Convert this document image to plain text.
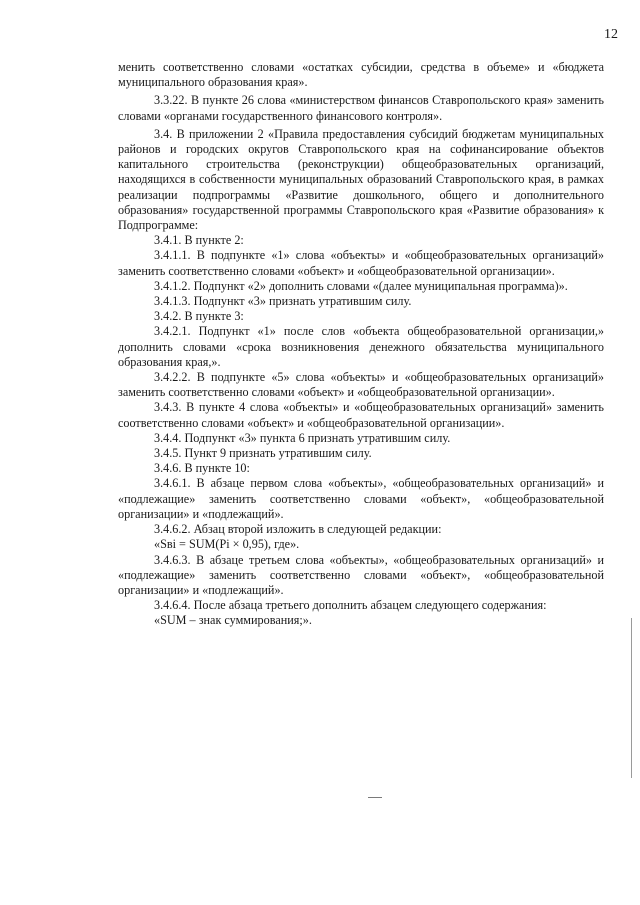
12

менить соответственно словами «остатках субсидии, средства в объеме» и «бюджета муниципального образования края».

3.3.22. В пункте 26 слова «министерством финансов Ставропольского края» заменить словами «органами государственного финансового контроля».

3.4. В приложении 2 «Правила предоставления субсидий бюджетам муниципальных районов и городских округов Ставропольского края на софинансирование объектов капитального строительства (реконструкции) общеобразовательных организаций, находящихся в собственности муниципальных образований Ставропольского края, в рамках реализации подпрограммы «Развитие дошкольного, общего и дополнительного образования» государственной программы Ставропольского края «Развитие образования» к Подпрограмме:

3.4.1. В пункте 2:

3.4.1.1. В подпункте «1» слова «объекты» и «общеобразовательных организаций» заменить соответственно словами «объект» и «общеобразовательной организации».

3.4.1.2. Подпункт «2» дополнить словами «(далее муниципальная программа)».

3.4.1.3. Подпункт «3» признать утратившим силу.

3.4.2. В пункте 3:

3.4.2.1. Подпункт «1» после слов «объекта общеобразовательной организации,» дополнить словами «срока возникновения денежного обязательства муниципального образования края,».

3.4.2.2. В подпункте «5» слова «объекты» и «общеобразовательных организаций» заменить соответственно словами «объект» и «общеобразовательной организации».

3.4.3. В пункте 4 слова «объекты» и «общеобразовательных организаций» заменить соответственно словами «объект» и «общеобразовательной организации».

3.4.4. Подпункт «3» пункта 6 признать утратившим силу.

3.4.5. Пункт 9 признать утратившим силу.

3.4.6. В пункте 10:

3.4.6.1. В абзаце первом слова «объекты», «общеобразовательных организаций» и «подлежащие» заменить соответственно словами «объект», «общеобразовательной организации» и «подлежащий».

3.4.6.2. Абзац второй изложить в следующей редакции:

«Sвi = SUM(Pi × 0,95), где».

3.4.6.3. В абзаце третьем слова «объекты», «общеобразовательных организаций» и «подлежащие» заменить соответственно словами «объект», «общеобразовательной организации» и «подлежащий».

3.4.6.4. После абзаца третьего дополнить абзацем следующего содержания:

«SUM – знак суммирования;».
